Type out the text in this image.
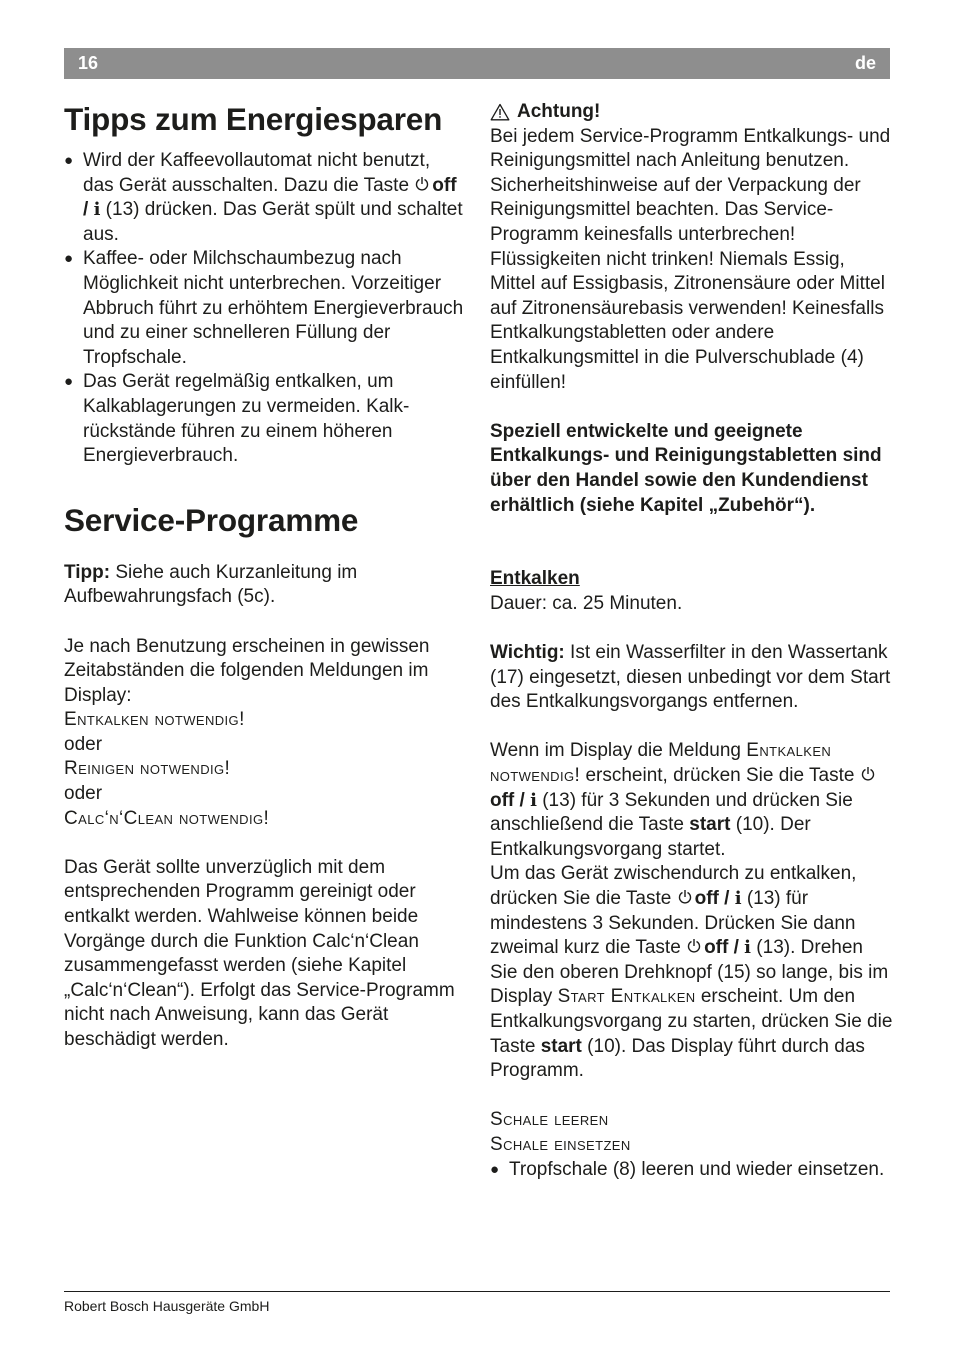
16	de
Tipps zum Energiesparen
● Wird der Kaffeevollautomat nicht benutzt, das Gerät ausschalten. Dazu die Taste off / i (13) drücken. Das Gerät spült und schaltet aus.
● Kaffee- oder Milchschaumbezug nach Möglichkeit nicht unterbrechen. Vorzeitiger Abbruch führt zu erhöhtem Energieverbrauch und zu einer schnelleren Füllung der Tropfschale.
● Das Gerät regelmäßig entkalken, um Kalkablagerungen zu vermeiden. Kalkrückstände führen zu einem höheren Energieverbrauch.
Service-Programme

Tipp: Siehe auch Kurzanleitung im Aufbewahrungsfach (5c).

Je nach Benutzung erscheinen in gewissen Zeitabständen die folgenden Meldungen im Display:

Entkalken notwendig!

oder

Reinigen notwendig!

oder

Calc‘n‘Clean notwendig!

Das Gerät sollte unverzüglich mit dem entsprechenden Programm gereinigt oder entkalkt werden. Wahlweise können beide Vorgänge durch die Funktion Calc‘n‘Clean zusammengefasst werden (siehe Kapitel „Calc‘n‘Clean“). Erfolgt das Service-Programm nicht nach Anweisung, kann das Gerät beschädigt werden.

Achtung!

Bei jedem Service-Programm Entkalkungs- und Reinigungsmittel nach Anleitung benutzen. Sicherheitshinweise auf der Verpackung der Reinigungsmittel beachten. Das Service-Programm keinesfalls unterbrechen! Flüssigkeiten nicht trinken! Niemals Essig, Mittel auf Essigbasis, Zitronensäure oder Mittel auf Zitronensäurebasis verwenden! Keinesfalls Entkalkungstabletten oder andere Entkalkungsmittel in die Pulverschublade (4) einfüllen!

Speziell entwickelte und geeignete Entkalkungs- und Reinigungstabletten sind über den Handel sowie den Kundendienst erhältlich (siehe Kapitel „Zubehör“).

Entkalken

Dauer: ca. 25 Minuten.

Wichtig: Ist ein Wasserfilter in den Wassertank (17) eingesetzt, diesen unbedingt vor dem Start des Entkalkungsvorgangs entfernen.

Wenn im Display die Meldung Entkalken notwendig! erscheint, drücken Sie die Taste off / i (13) für 3 Sekunden und drücken Sie anschließend die Taste start (10). Der Entkalkungsvorgang startet.

Um das Gerät zwischendurch zu entkalken, drücken Sie die Taste off / i (13) für mindestens 3 Sekunden. Drücken Sie dann zweimal kurz die Taste off / i (13). Drehen Sie den oberen Drehknopf (15) so lange, bis im Display Start Entkalken erscheint. Um den Entkalkungsvorgang zu starten, drücken Sie die Taste start (10). Das Display führt durch das Programm.

Schale leeren

Schale einsetzen

● Tropfschale (8) leeren und wieder einsetzen.
Robert Bosch Hausgeräte GmbH
